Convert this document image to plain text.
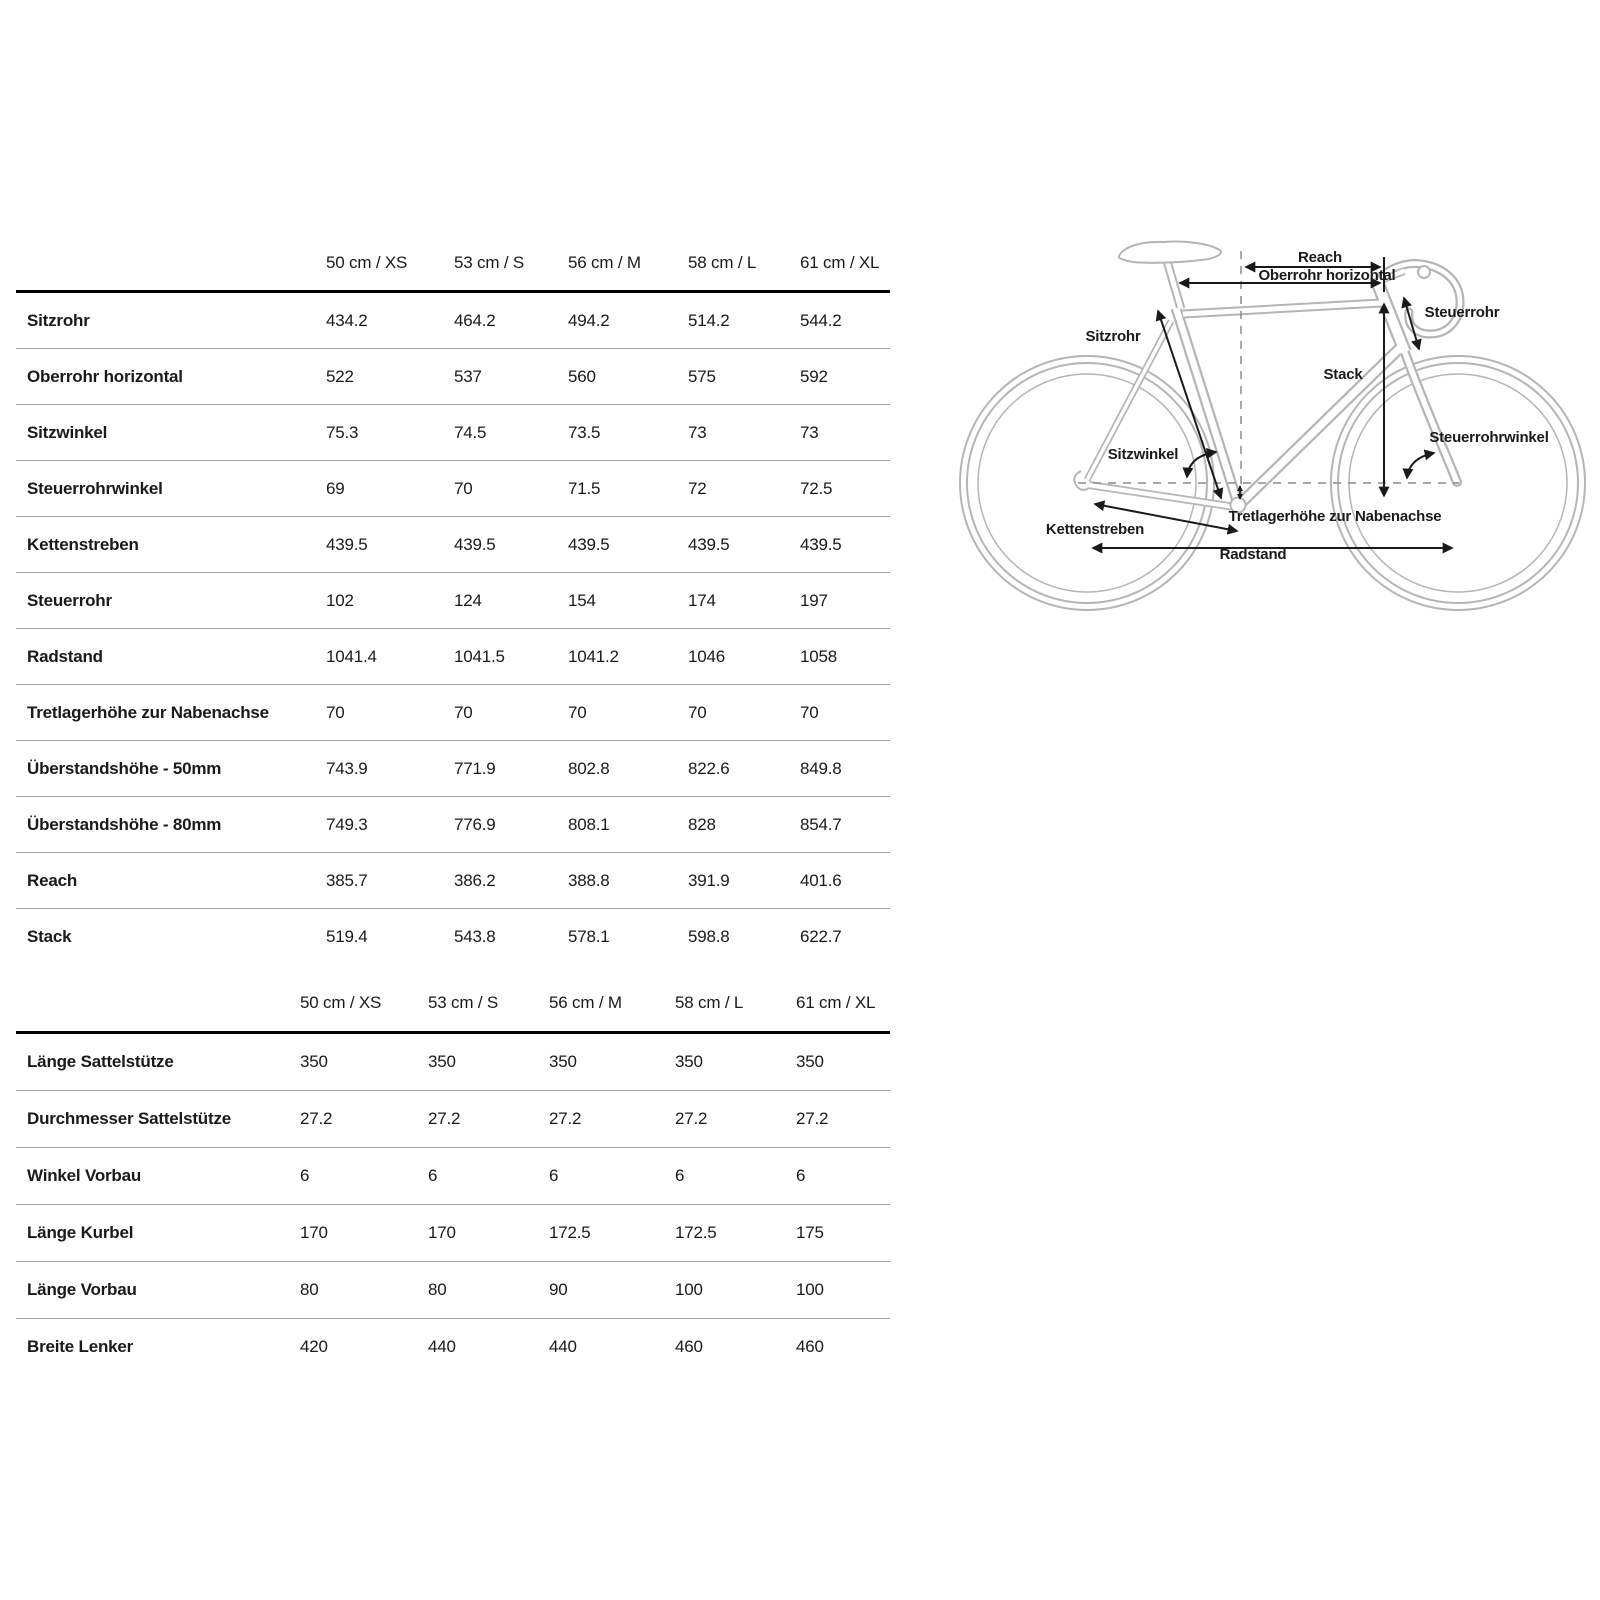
50 cm / XS	53 cm / S	56 cm / M	58 cm / L	61 cm / XL
Sitzrohr	434.2	464.2	494.2	514.2	544.2
Oberrohr horizontal	522	537	560	575	592
Sitzwinkel	75.3	74.5	73.5	73	73
Steuerrohrwinkel	69	70	71.5	72	72.5
Kettenstreben	439.5	439.5	439.5	439.5	439.5
Steuerrohr	102	124	154	174	197
Radstand	1041.4	1041.5	1041.2	1046	1058
Tretlagerhöhe zur Nabenachse	70	70	70	70	70
Überstandshöhe - 50mm	743.9	771.9	802.8	822.6	849.8
Überstandshöhe - 80mm	749.3	776.9	808.1	828	854.7
Reach	385.7	386.2	388.8	391.9	401.6
Stack	519.4	543.8	578.1	598.8	622.7
50 cm / XS	53 cm / S	56 cm / M	58 cm / L	61 cm / XL
Länge Sattelstütze	350	350	350	350	350
Durchmesser Sattelstütze	27.2	27.2	27.2	27.2	27.2
Winkel Vorbau	6	6	6	6	6
Länge Kurbel	170	170	172.5	172.5	175
Länge Vorbau	80	80	90	100	100
Breite Lenker	420	440	440	460	460
Reach
Oberrohr horizontal
Steuerrohr
Sitzrohr
Stack
Sitzwinkel
Steuerrohrwinkel
Kettenstreben
Tretlagerhöhe zur Nabenachse
Radstand
